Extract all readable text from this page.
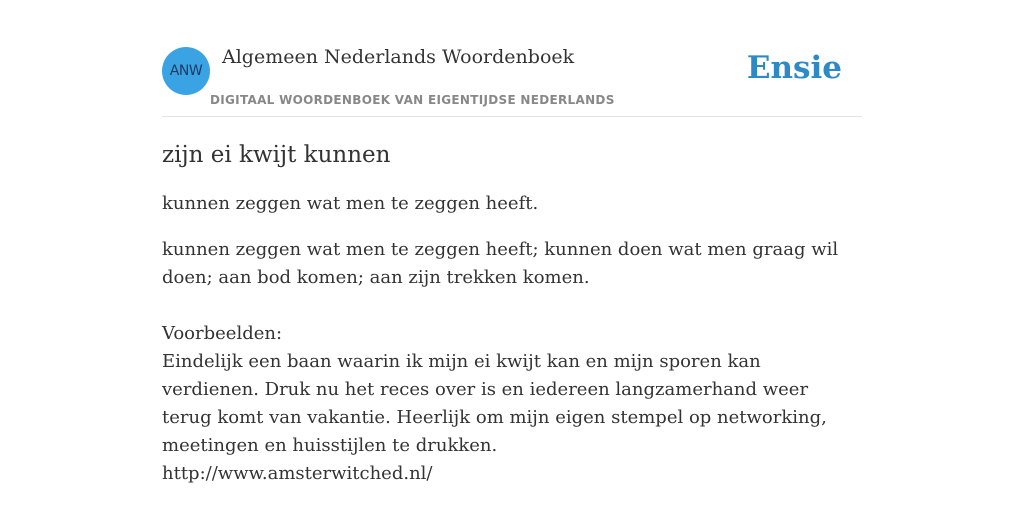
ANW
Algemeen Nederlands Woordenboek
DIGITAAL WOORDENBOEK VAN EIGENTIJDSE NEDERLANDS
Ensie
zijn ei kwijt kunnen

kunnen zeggen wat men te zeggen heeft.

kunnen zeggen wat men te zeggen heeft; kunnen doen wat men graag wil doen; aan bod komen; aan zijn trekken komen.

Voorbeelden:

Eindelijk een baan waarin ik mijn ei kwijt kan en mijn sporen kan verdienen. Druk nu het reces over is en iedereen langzamerhand weer terug komt van vakantie. Heerlijk om mijn eigen stempel op networking, meetingen en huisstijlen te drukken.

http://www.amsterwitched.nl/
